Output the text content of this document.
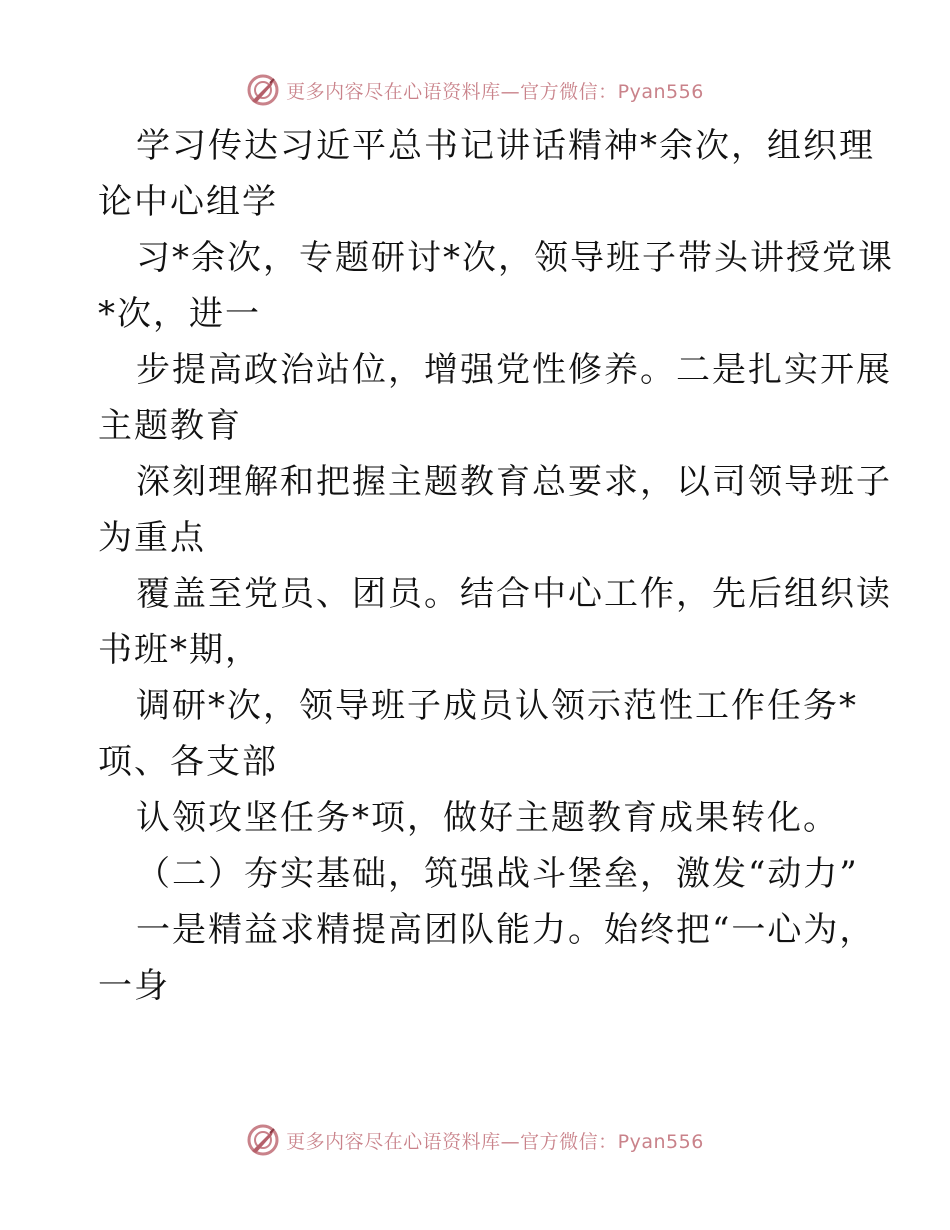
更多内容尽在心语资料库—官方微信：Pyan556
学习传达习近平总书记讲话精神*余次，组织理
论中心组学
习*余次，专题研讨*次，领导班子带头讲授党课
*次，进一
步提高政治站位，增强党性修养。二是扎实开展
主题教育
深刻理解和把握主题教育总要求，以司领导班子
为重点
覆盖至党员、团员。结合中心工作，先后组织读
书班*期，
调研*次，领导班子成员认领示范性工作任务*
项、各支部
认领攻坚任务*项，做好主题教育成果转化。
（二）夯实基础，筑强战斗堡垒，激发“动力”
一是精益求精提高团队能力。始终把“一心为，
一身
更多内容尽在心语资料库—官方微信：Pyan556
